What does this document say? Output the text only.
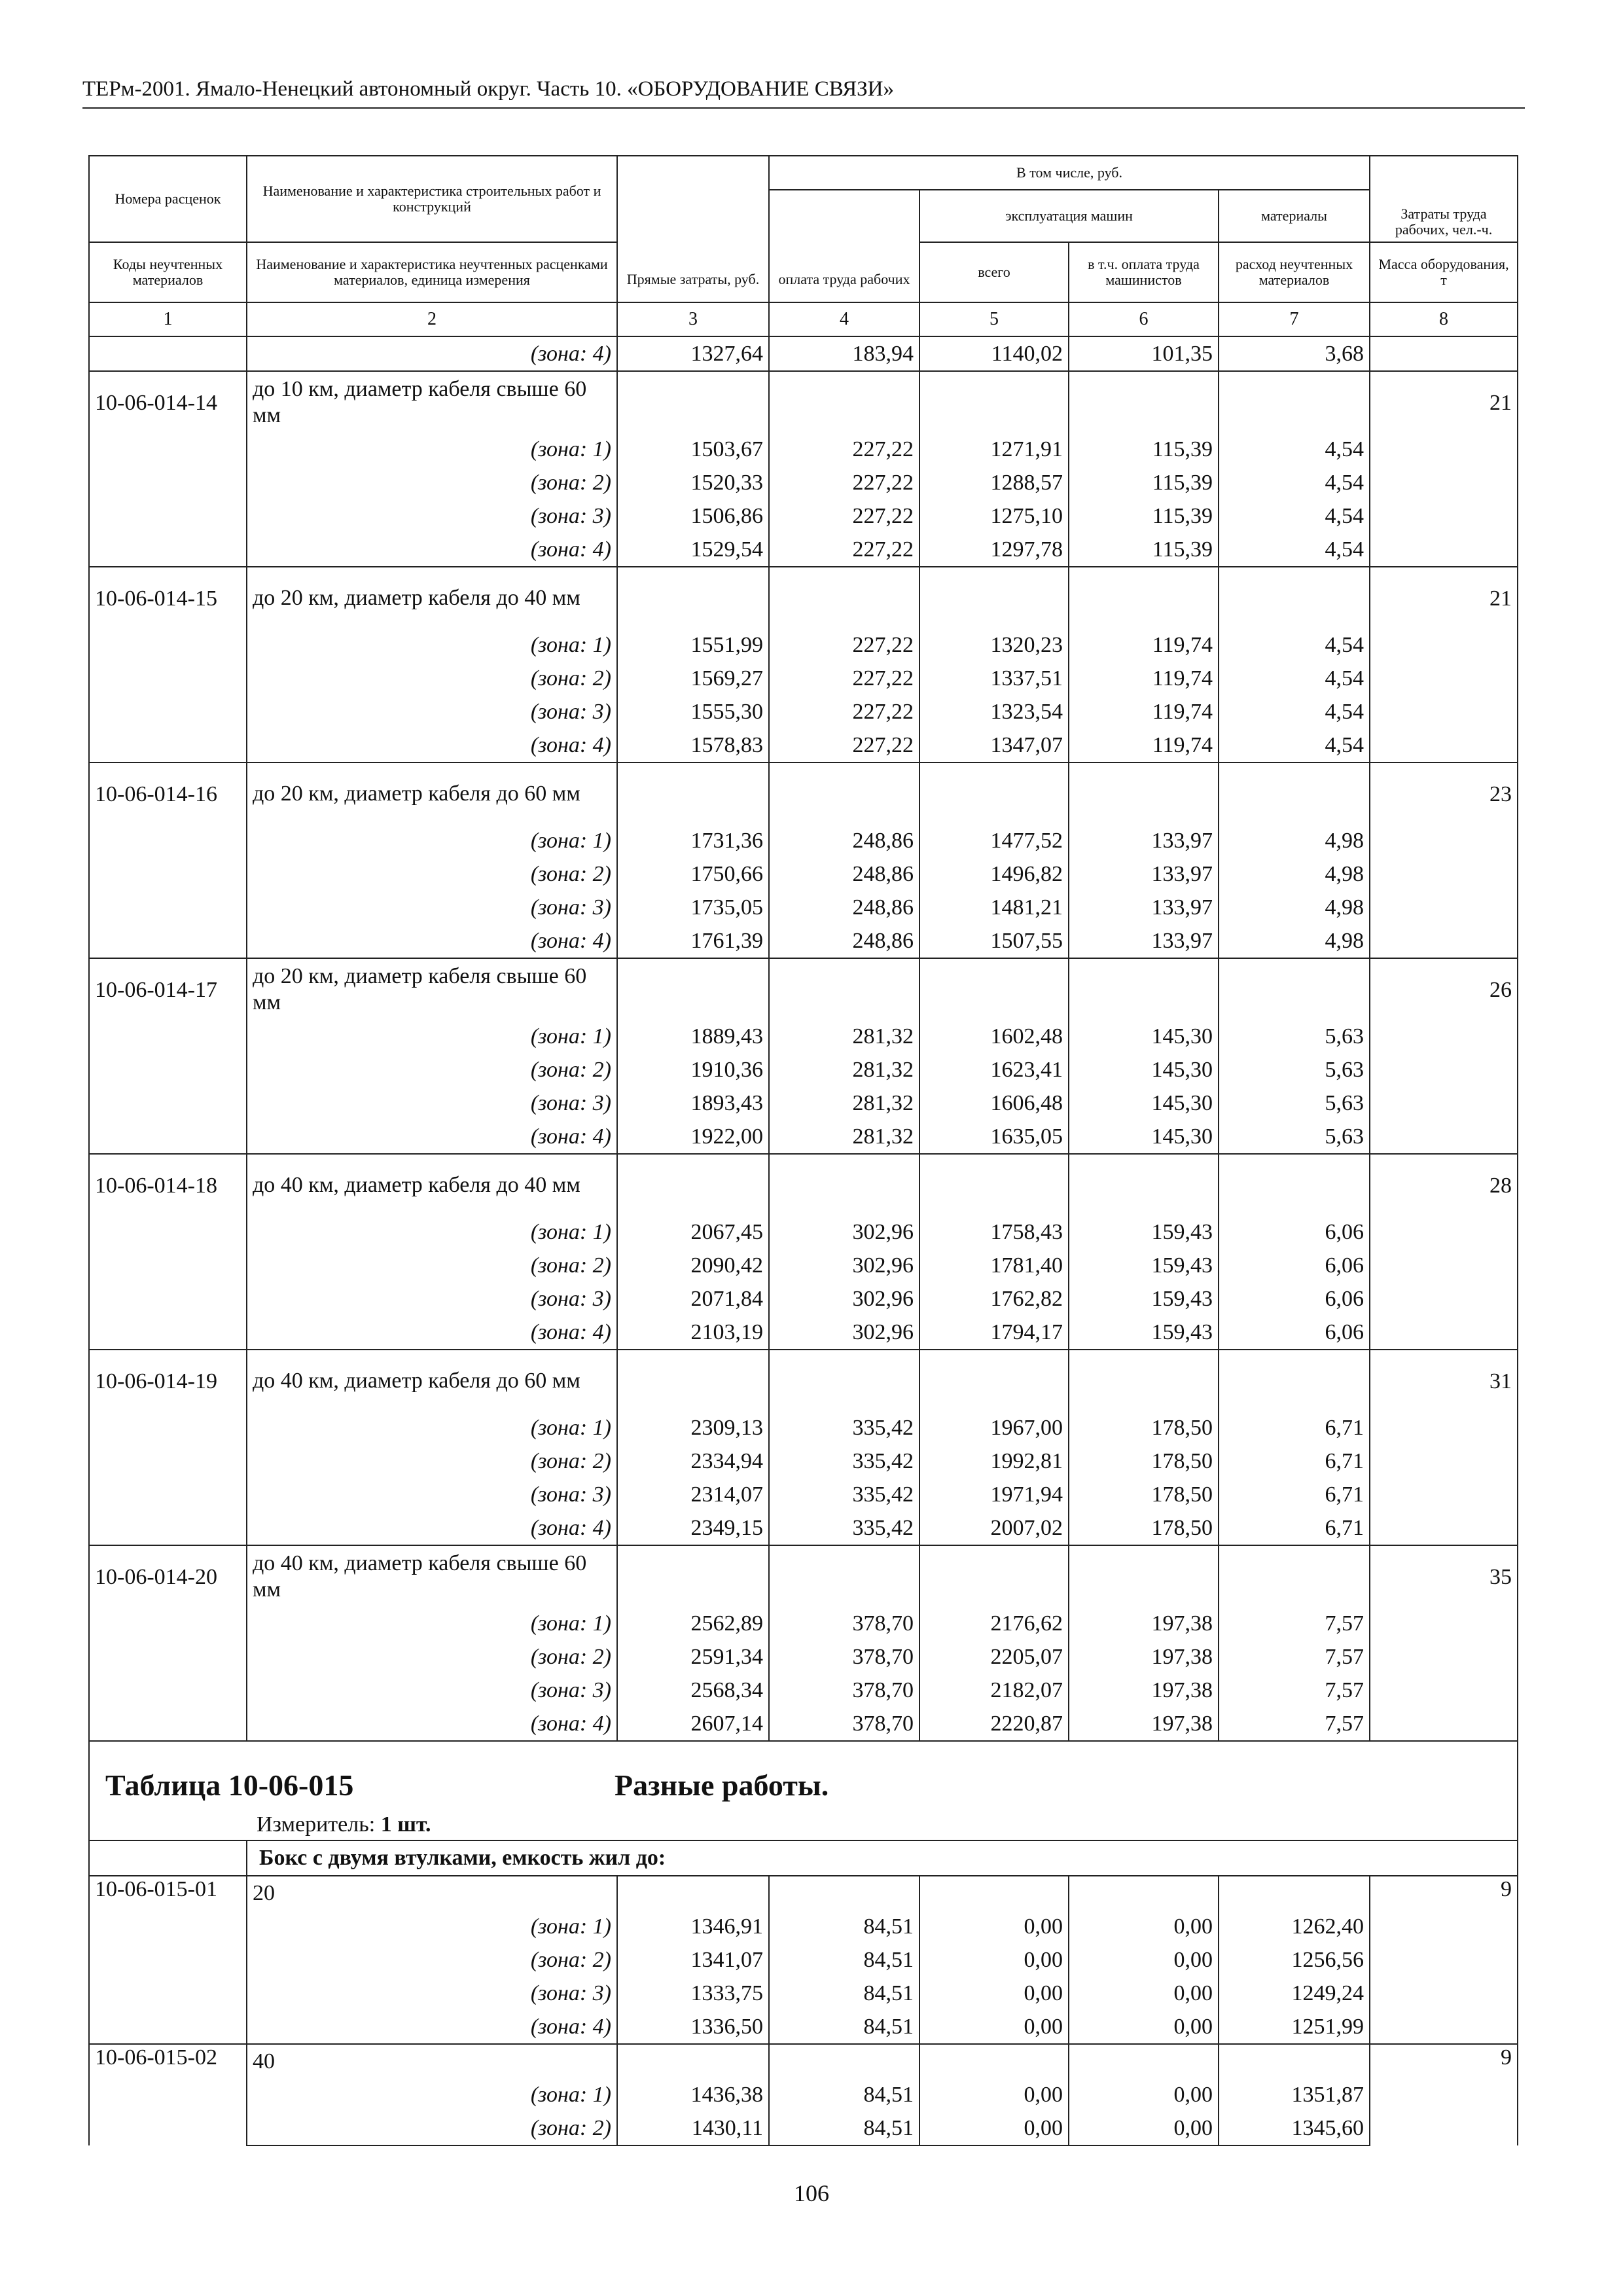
ТЕРм-2001. Ямало-Ненецкий автономный округ. Часть 10. «ОБОРУДОВАНИЕ СВЯЗИ»
Номера расценок	Наименование и характеристика строительных работ и конструкций	Прямые затраты, руб.	В том числе, руб.				Затраты труда рабочих, чел.-ч.
			оплата труда рабочих	эксплуатация машин		материалы	

Коды неучтенных материалов	Наименование и характеристика неучтенных расценками материалов, единица измерения			всего	в т.ч. оплата труда машинистов	расход неучтенных материалов	Масса оборудования, т

1	2	3	4	5	6	7	8
	(зона: 4)	1327,64	183,94	1140,02	101,35	3,68	
10-06-014-14	до 10 км, диаметр кабеля свыше 60 мм						21
	(зона: 1)	1503,67	227,22	1271,91	115,39	4,54	
	(зона: 2)	1520,33	227,22	1288,57	115,39	4,54	
	(зона: 3)	1506,86	227,22	1275,10	115,39	4,54	
	(зона: 4)	1529,54	227,22	1297,78	115,39	4,54	
10-06-014-15	до 20 км, диаметр кабеля до 40 мм						21
	(зона: 1)	1551,99	227,22	1320,23	119,74	4,54	
	(зона: 2)	1569,27	227,22	1337,51	119,74	4,54	
	(зона: 3)	1555,30	227,22	1323,54	119,74	4,54	
	(зона: 4)	1578,83	227,22	1347,07	119,74	4,54	
10-06-014-16	до 20 км, диаметр кабеля до 60 мм						23
	(зона: 1)	1731,36	248,86	1477,52	133,97	4,98	
	(зона: 2)	1750,66	248,86	1496,82	133,97	4,98	
	(зона: 3)	1735,05	248,86	1481,21	133,97	4,98	
	(зона: 4)	1761,39	248,86	1507,55	133,97	4,98	
10-06-014-17	до 20 км, диаметр кабеля свыше 60 мм						26
	(зона: 1)	1889,43	281,32	1602,48	145,30	5,63	
	(зона: 2)	1910,36	281,32	1623,41	145,30	5,63	
	(зона: 3)	1893,43	281,32	1606,48	145,30	5,63	
	(зона: 4)	1922,00	281,32	1635,05	145,30	5,63	
10-06-014-18	до 40 км, диаметр кабеля до 40 мм						28
	(зона: 1)	2067,45	302,96	1758,43	159,43	6,06	
	(зона: 2)	2090,42	302,96	1781,40	159,43	6,06	
	(зона: 3)	2071,84	302,96	1762,82	159,43	6,06	
	(зона: 4)	2103,19	302,96	1794,17	159,43	6,06	
10-06-014-19	до 40 км, диаметр кабеля до 60 мм						31
	(зона: 1)	2309,13	335,42	1967,00	178,50	6,71	
	(зона: 2)	2334,94	335,42	1992,81	178,50	6,71	
	(зона: 3)	2314,07	335,42	1971,94	178,50	6,71	
	(зона: 4)	2349,15	335,42	2007,02	178,50	6,71	
10-06-014-20	до 40 км, диаметр кабеля свыше 60 мм						35
	(зона: 1)	2562,89	378,70	2176,62	197,38	7,57	
	(зона: 2)	2591,34	378,70	2205,07	197,38	7,57	
	(зона: 3)	2568,34	378,70	2182,07	197,38	7,57	
	(зона: 4)	2607,14	378,70	2220,87	197,38	7,57	

Таблица 10-06-015 Разные работы.
Измеритель: 1 шт.							

	Бокс с двумя втулками, емкость жил до:						
10-06-015-01	20						9
	(зона: 1)	1346,91	84,51	0,00	0,00	1262,40	
	(зона: 2)	1341,07	84,51	0,00	0,00	1256,56	
	(зона: 3)	1333,75	84,51	0,00	0,00	1249,24	
	(зона: 4)	1336,50	84,51	0,00	0,00	1251,99	
10-06-015-02	40						9
	(зона: 1)	1436,38	84,51	0,00	0,00	1351,87	
	(зона: 2)	1430,11	84,51	0,00	0,00	1345,60	
106
